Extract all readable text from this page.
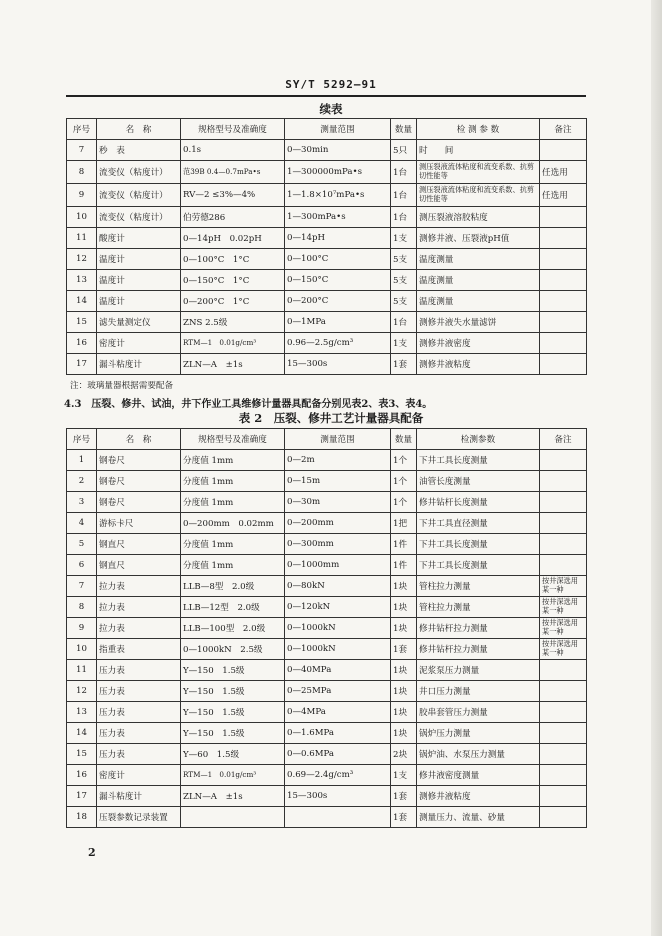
SY/T 5292—91
续表
序号	名　称	规格型号及准确度	测量范围	数量	检 测 参 数	备注
7	秒　表	0.1s	0—30min	5只	时　　间	
8	流变仪（粘度计）	范39B 0.4—0.7mPa•s	1—300000mPa•s	1台	测压裂液流体粘度和流变系数、抗剪切性能等	任选用
9	流变仪（粘度计）	RV—2 ≤3%—4%	1—1.8×10⁷mPa•s	1台	测压裂液流体粘度和流变系数、抗剪切性能等	任选用
10	流变仪（粘度计）	伯劳德286	1—300mPa•s	1台	测压裂液溶胶粘度	
11	酸度计	0—14pH　0.02pH	0—14pH	1支	测修井液、压裂液pH值	
12	温度计	0—100°C　1°C	0—100°C	5支	温度测量	
13	温度计	0—150°C　1°C	0—150°C	5支	温度测量	
14	温度计	0—200°C　1°C	0—200°C	5支	温度测量	
15	滤失量测定仪	ZNS 2.5级	0—1MPa	1台	测修井液失水量滤饼	
16	密度计	RTM—1　0.01g/cm³	0.96—2.5g/cm³	1支	测修井液密度	
17	漏斗粘度计	ZLN—A　±1s	15—300s	1套	测修井液粘度	
注：玻璃量器根据需要配备
4.3　压裂、修井、试油，井下作业工具维修计量器具配备分别见表2、表3、表4。
表 2　压裂、修井工艺计量器具配备
序号	名　称	规格型号及准确度	测量范围	数量	检测参数	备注
1	钢卷尺	分度值 1mm	0—2m	1个	下井工具长度测量	
2	钢卷尺	分度值 1mm	0—15m	1个	油管长度测量	
3	钢卷尺	分度值 1mm	0—30m	1个	修井钻杆长度测量	
4	游标卡尺	0—200mm　0.02mm	0—200mm	1把	下井工具直径测量	
5	钢直尺	分度值 1mm	0—300mm	1件	下井工具长度测量	
6	钢直尺	分度值 1mm	0—1000mm	1件	下井工具长度测量	
7	拉力表	LLB—8型　2.0级	0—80kN	1块	管柱拉力测量	按井深选用某一种
8	拉力表	LLB—12型　2.0级	0—120kN	1块	管柱拉力测量	按井深选用某一种
9	拉力表	LLB—100型　2.0级	0—1000kN	1块	修井钻杆拉力测量	按井深选用某一种
10	指重表	0—1000kN　2.5级	0—1000kN	1套	修井钻杆拉力测量	按井深选用某一种
11	压力表	Y—150　1.5级	0—40MPa	1块	泥浆泵压力测量	
12	压力表	Y—150　1.5级	0—25MPa	1块	井口压力测量	
13	压力表	Y—150　1.5级	0—4MPa	1块	胶串套管压力测量	
14	压力表	Y—150　1.5级	0—1.6MPa	1块	锅炉压力测量	
15	压力表	Y—60　1.5级	0—0.6MPa	2块	锅炉油、水泵压力测量	
16	密度计	RTM—1　0.01g/cm³	0.69—2.4g/cm³	1支	修井液密度测量	
17	漏斗粘度计	ZLN—A　±1s	15—300s	1套	测修井液粘度	
18	压裂参数记录装置			1套	测量压力、流量、砂量	
2
